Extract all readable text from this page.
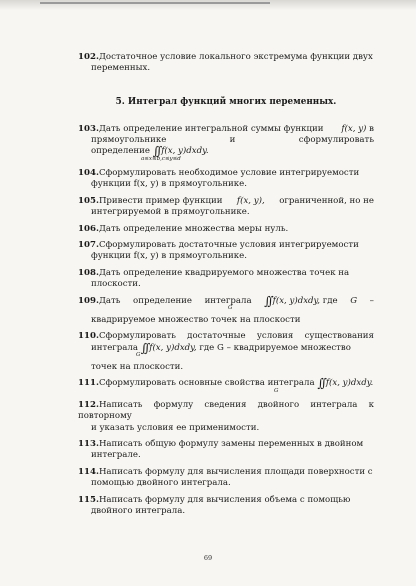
102.Достаточное условие локального экстремума функции двух
переменных.
5. Интеграл функций многих переменных.
103.Дать определение интегральной суммы функции f(x, y) в
прямоугольнике	и	сформулировать
определение ∫∫ f(x, y)dxdy.
a≤x≤b,c≤y≤d
104.Сформулировать необходимое условие интегрируемости
функции f(x, y) в прямоугольнике.
105.Привести пример функции f(x, y), ограниченной, но не
интегрируемой в прямоугольнике.
106.Дать определение множества меры нуль.
107.Сформулировать достаточные условия интегрируемости
функции f(x, y) в прямоугольнике.
108.Дать определение квадрируемого множества точек на
плоскости.
109.Дать определение интеграла ∫∫ f(x, y)dxdy, где G –
G
квадрируемое множество точек на плоскости
110.Сформулировать достаточные условия существования
интеграла ∫∫ f(x, y)dxdy, где G – квадрируемое множество
G
точек на плоскости.
111.Сформулировать основные свойства интеграла ∫∫ f(x, y)dxdy.
G
112.Написать формулу сведения двойного интеграла к повторному
и указать условия ее применимости.
113.Написать общую формулу замены переменных в двойном
интеграле.
114.Написать формулу для вычисления площади поверхности с
помощью двойного интеграла.
115.Написать формулу для вычисления объема с помощью
двойного интеграла.
69
